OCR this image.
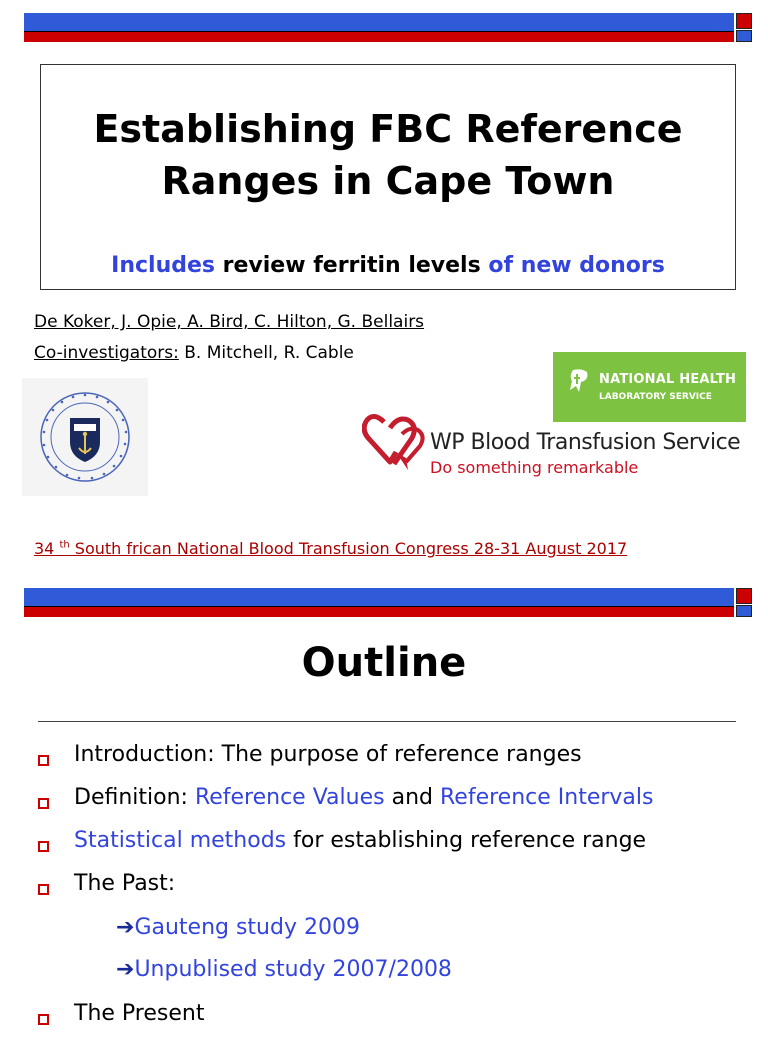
Establishing FBC Reference
Ranges in Cape Town
Includes review ferritin levels of new donors
De Koker, J. Opie, A. Bird, C. Hilton, G. Bellairs
Co-investigators: B. Mitchell, R. Cable
NATIONAL HEALTH
LABORATORY SERVICE
WP Blood Transfusion Service
Do something remarkable
34 $^{th}$ South frican National Blood Transfusion Congress 28-31 August 2017
Outline
Introduction: The purpose of reference ranges
Definition: Reference Values and Reference Intervals
Statistical methods for establishing reference range
The Past:
➔Gauteng study 2009
➔Unpublised study 2007/2008
The Present
